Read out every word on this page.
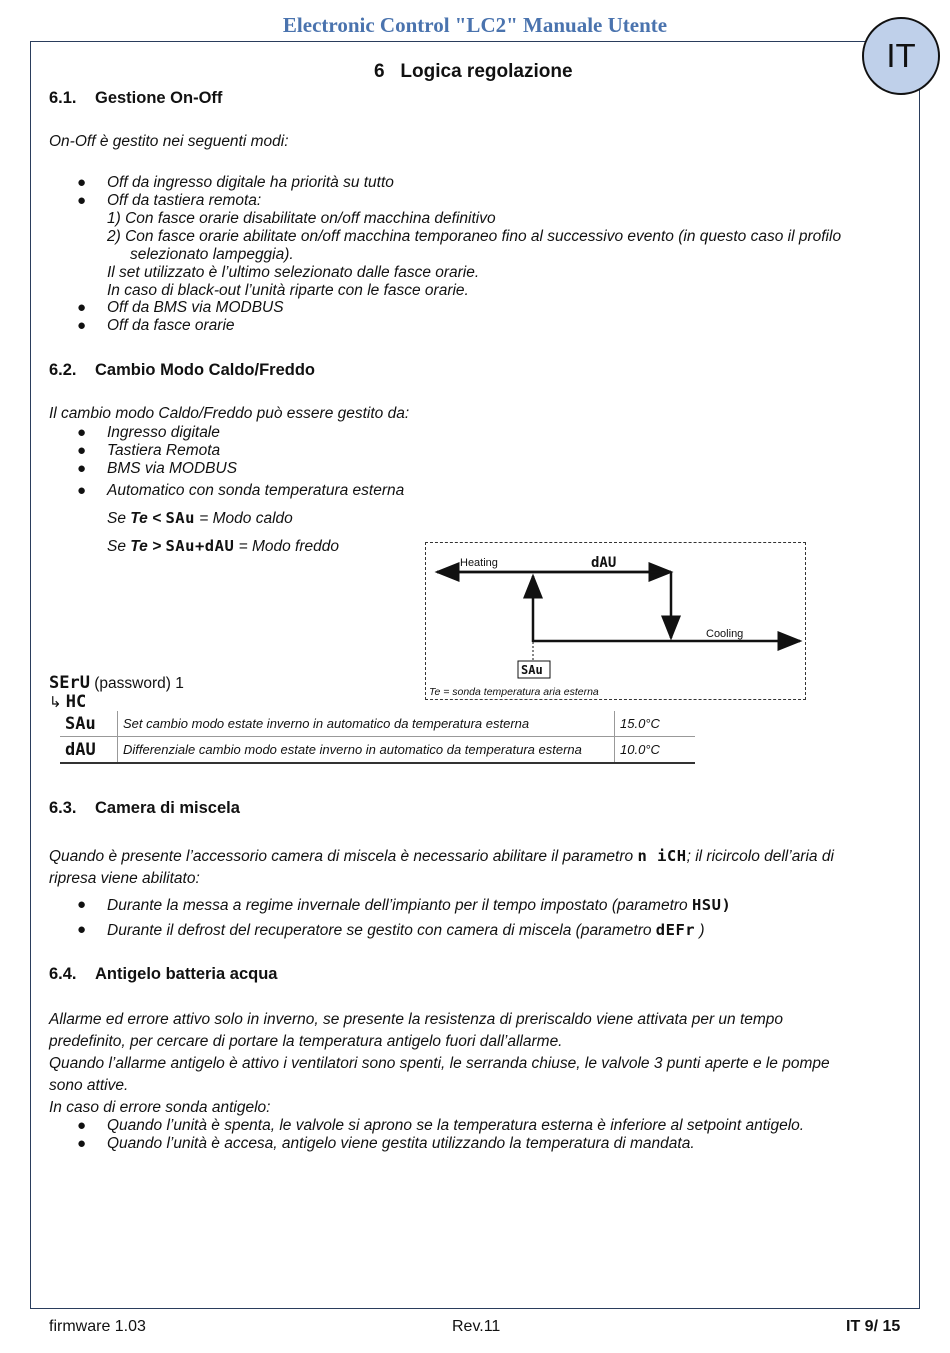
Electronic Control "LC2" Manuale Utente
IT
6 Logica regolazione
6.1. Gestione On-Off
On-Off è gestito nei seguenti modi:
● Off da ingresso digitale ha priorità su tutto
● Off da tastiera remota:
1) Con fasce orarie disabilitate on/off macchina definitivo
2) Con fasce orarie abilitate on/off macchina temporaneo fino al successivo evento (in questo caso il profilo
selezionato lampeggia).
Il set utilizzato è l’ultimo selezionato dalle fasce orarie.
In caso di black-out l’unità riparte con le fasce orarie.
● Off da BMS via MODBUS
● Off da fasce orarie
6.2. Cambio Modo Caldo/Freddo
Il cambio modo Caldo/Freddo può essere gestito da:
● Ingresso digitale
● Tastiera Remota
● BMS via MODBUS
● Automatico con sonda temperatura esterna
Se Te < SAu = Modo caldo
Se Te > SAu+dAU = Modo freddo
Heating	dAU
Cooling
Te
SAu
Te = sonda temperatura aria esterna
SErU (password) 1
↳ HC
SAu	Set cambio modo estate inverno in automatico da temperatura esterna	15.0°C
dAU	Differenziale cambio modo estate inverno in automatico da temperatura esterna	10.0°C
6.3. Camera di miscela
Quando è presente l’accessorio camera di miscela è necessario abilitare il parametro n iCH; il ricircolo dell’aria di
ripresa viene abilitato:
● Durante la messa a regime invernale dell’impianto per il tempo impostato (parametro HSU)
● Durante il defrost del recuperatore se gestito con camera di miscela (parametro dEFr )
6.4. Antigelo batteria acqua
Allarme ed errore attivo solo in inverno, se presente la resistenza di preriscaldo viene attivata per un tempo
predefinito, per cercare di portare la temperatura antigelo fuori dall’allarme.
Quando l’allarme antigelo è attivo i ventilatori sono spenti, le serranda chiuse, le valvole 3 punti aperte e le pompe
sono attive.
In caso di errore sonda antigelo:
● Quando l’unità è spenta, le valvole si aprono se la temperatura esterna è inferiore al setpoint antigelo.
● Quando l’unità è accesa, antigelo viene gestita utilizzando la temperatura di mandata.
firmware 1.03	Rev.11	IT 9/ 15
